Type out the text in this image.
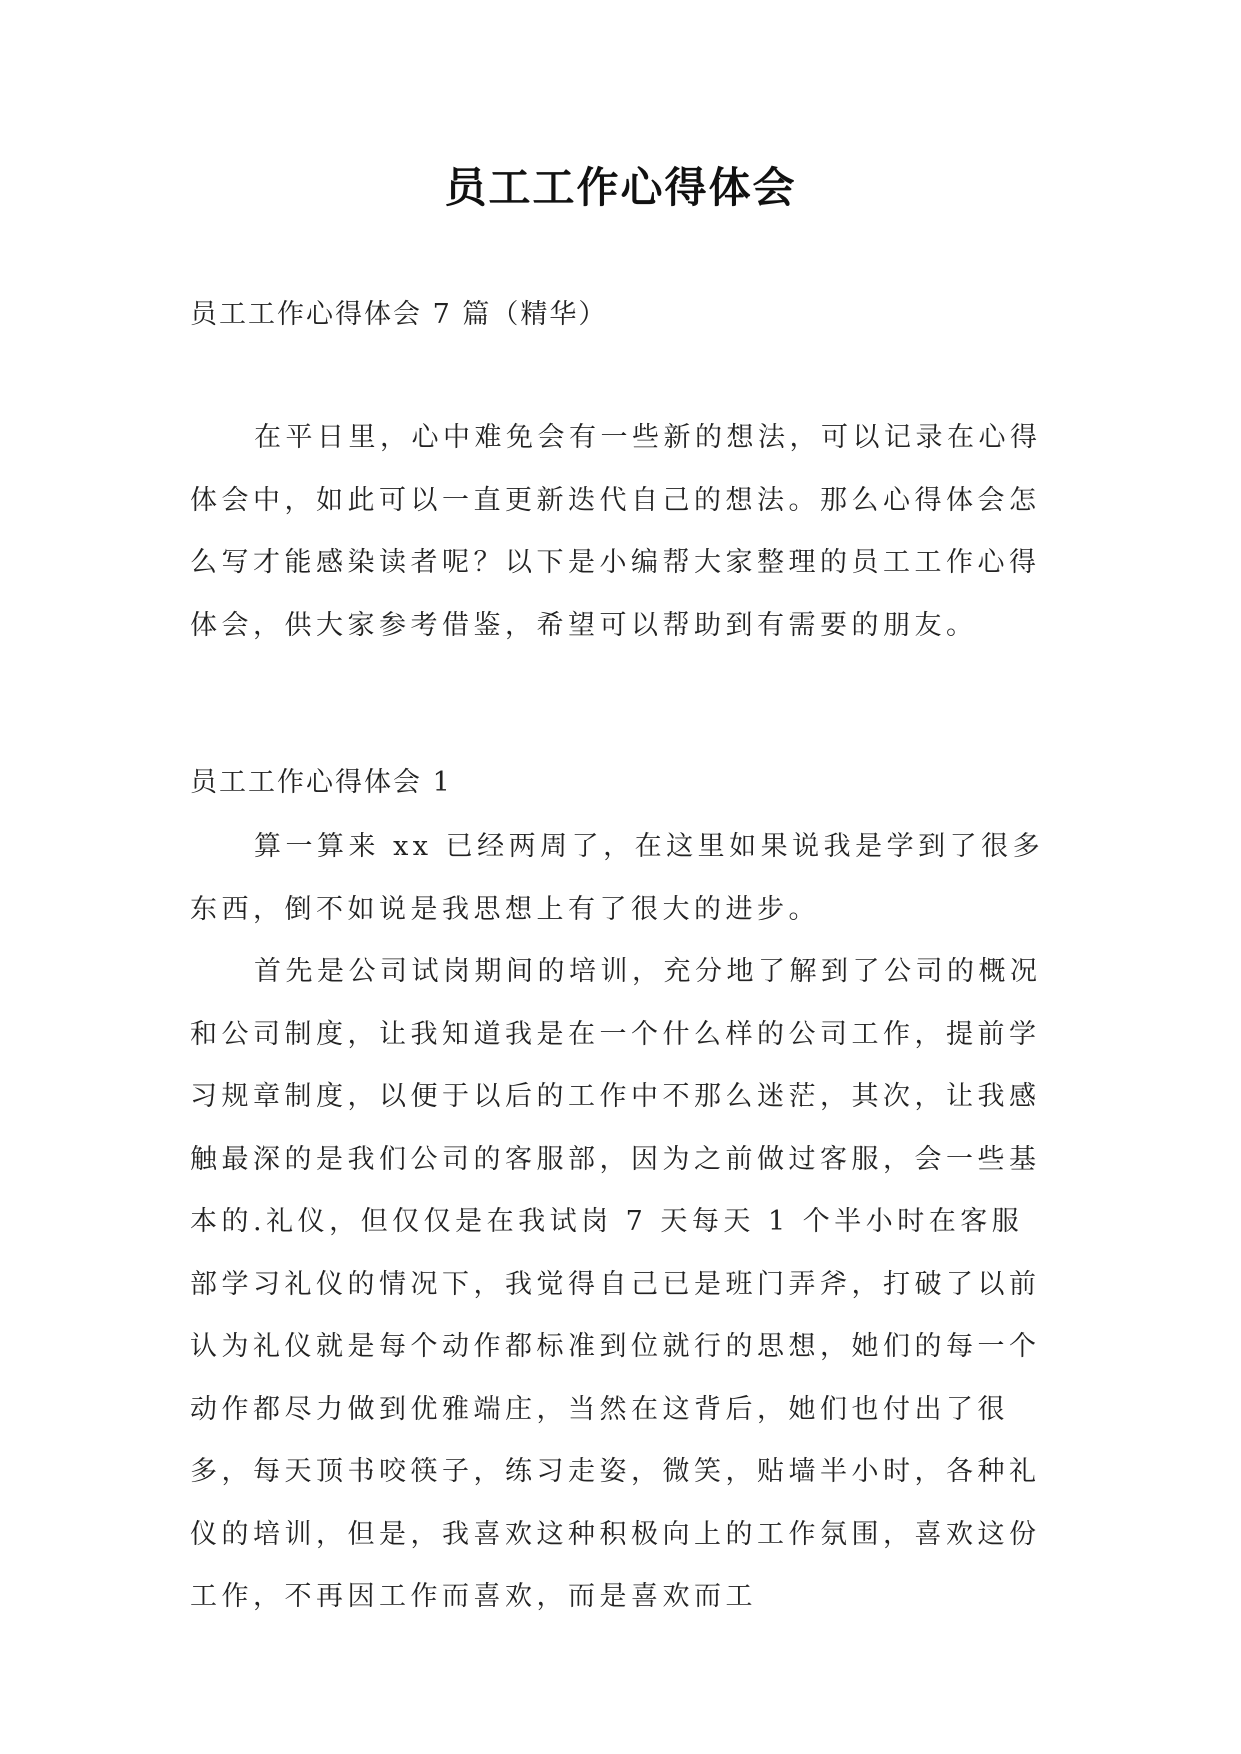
员工工作心得体会
员工工作心得体会 7 篇（精华）

在平日里，心中难免会有一些新的想法，可以记录在心得体会中，如此可以一直更新迭代自己的想法。那么心得体会怎么写才能感染读者呢？以下是小编帮大家整理的员工工作心得体会，供大家参考借鉴，希望可以帮助到有需要的朋友。

员工工作心得体会 1

算一算来 xx 已经两周了，在这里如果说我是学到了很多东西，倒不如说是我思想上有了很大的进步。

首先是公司试岗期间的培训，充分地了解到了公司的概况和公司制度，让我知道我是在一个什么样的公司工作，提前学习规章制度，以便于以后的工作中不那么迷茫，其次，让我感触最深的是我们公司的客服部，因为之前做过客服，会一些基本的.礼仪，但仅仅是在我试岗 7 天每天 1 个半小时在客服部学习礼仪的情况下，我觉得自己已是班门弄斧，打破了以前认为礼仪就是每个动作都标准到位就行的思想，她们的每一个动作都尽力做到优雅端庄，当然在这背后，她们也付出了很多，每天顶书咬筷子，练习走姿，微笑，贴墙半小时，各种礼仪的培训，但是，我喜欢这种积极向上的工作氛围，喜欢这份工作，不再因工作而喜欢，而是喜欢而工
